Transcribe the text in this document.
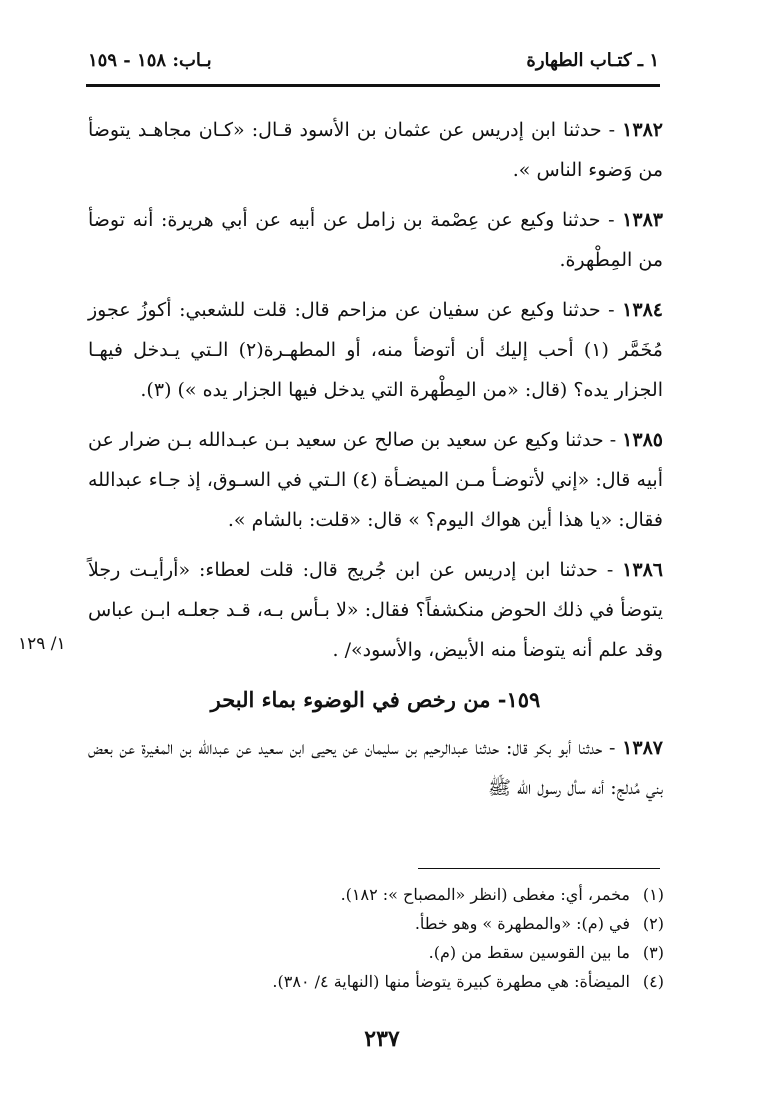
بـاب: ١٥٨ - ١٥٩	١ ـ كتـاب الطهارة
١/ ١٢٩

١٣٨٢ - حدثنا ابن إدريس عن عثمان بن الأسود قـال: «كـان مجاهـد يتوضأ من وَضوء الناس ».

١٣٨٣ - حدثنا وكيع عن عِصْمة بن زامل عن أبيه عن أبي هريرة: أنه توضأ من المِطْهرة.

١٣٨٤ - حدثنا وكيع عن سفيان عن مزاحم قال: قلت للشعبي: أكوزُ عجوز مُخَمَّر (١) أحب إليك أن أتوضأ منه، أو المطهـرة(٢) الـتي يـدخل فيهـا الجزار يده؟ (قال: «من المِطْهرة التي يدخل فيها الجزار يده ») (٣).

١٣٨٥ - حدثنا وكيع عن سعيد بن صالح عن سعيد بـن عبـدالله بـن ضرار عن أبيه قال: «إني لأتوضـأ مـن الميضـأة (٤) الـتي في السـوق، إذ جـاء عبدالله فقال: «يا هذا أين هواك اليوم؟ » قال: «قلت: بالشام ».

١٣٨٦ - حدثنا ابن إدريس عن ابن جُريج قال: قلت لعطاء: «أرأيـت رجلاً يتوضأ في ذلك الحوض منكشفاً؟ فقال: «لا بـأس بـه، قـد جعلـه ابـن عباس وقد علم أنه يتوضأ منه الأبيض، والأسود»/ .

١٥٩- من رخص في الوضوء بماء البحر

١٣٨٧ - حدثنا أبو بكر قال: حدثنا عبدالرحيم بن سليمان عن يحيى ابن سعيد عن عبدالله بن المغيرة عن بعض بني مُدلج: أنه سأل رسول الله ﷺ

(١)مخمر، أي: مغطى (انظر «المصباح »: ١٨٢).
(٢)في (م): «والمطهرة » وهو خطأ.
(٣)ما بين القوسين سقط من (م).
(٤)الميضأة: هي مطهرة كبيرة يتوضأ منها (النهاية ٤/ ٣٨٠).
٢٣٧
